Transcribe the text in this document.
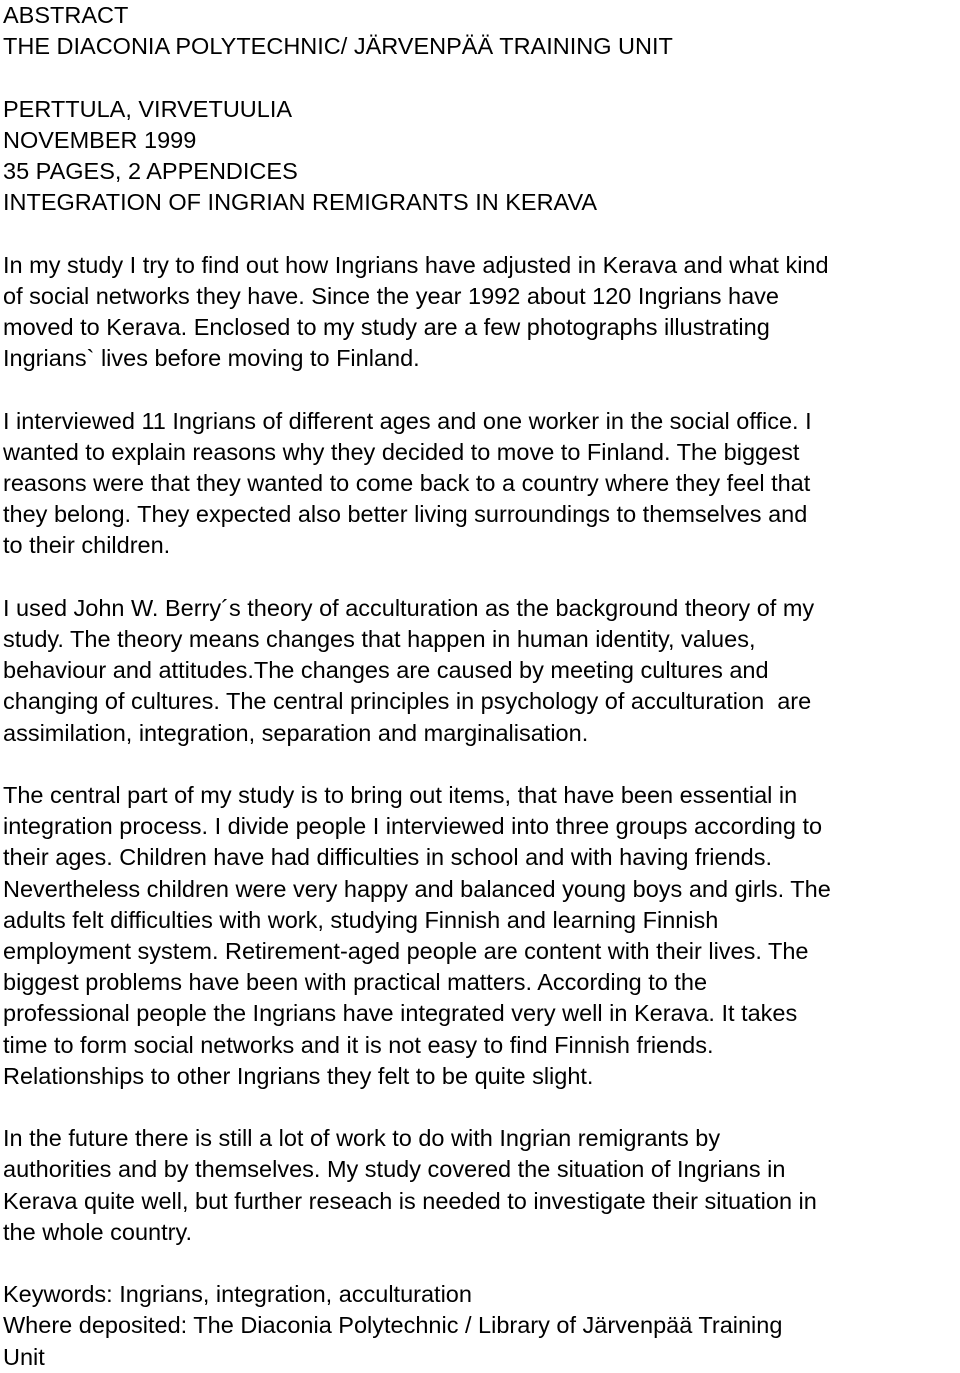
ABSTRACT
THE DIACONIA POLYTECHNIC/ JÄRVENPÄÄ TRAINING UNIT
PERTTULA, VIRVETUULIA
NOVEMBER 1999
35 PAGES, 2 APPENDICES
INTEGRATION OF INGRIAN REMIGRANTS IN KERAVA
In my study I try to find out how Ingrians have adjusted in Kerava and what kind
of social networks they have. Since the year 1992 about 120 Ingrians have
moved to Kerava. Enclosed to my study are a few photographs illustrating
Ingrians` lives before moving to Finland.
I interviewed 11 Ingrians of different ages and one worker in the social office. I
wanted to explain reasons why they decided to move to Finland. The biggest
reasons were that they wanted to come back to a country where they feel that
they belong. They expected also better living surroundings to themselves and
to their children.
I used John W. Berry´s theory of acculturation as the background theory of my
study. The theory means changes that happen in human identity, values,
behaviour and attitudes.The changes are caused by meeting cultures and
changing of cultures. The central principles in psychology of acculturation  are
assimilation, integration, separation and marginalisation.
The central part of my study is to bring out items, that have been essential in
integration process. I divide people I interviewed into three groups according to
their ages. Children have had difficulties in school and with having friends.
Nevertheless children were very happy and balanced young boys and girls. The
adults felt difficulties with work, studying Finnish and learning Finnish
employment system. Retirement-aged people are content with their lives. The
biggest problems have been with practical matters. According to the
professional people the Ingrians have integrated very well in Kerava. It takes
time to form social networks and it is not easy to find Finnish friends.
Relationships to other Ingrians they felt to be quite slight.
In the future there is still a lot of work to do with Ingrian remigrants by
authorities and by themselves. My study covered the situation of Ingrians in
Kerava quite well, but further reseach is needed to investigate their situation in
the whole country.
Keywords: Ingrians, integration, acculturation
Where deposited: The Diaconia Polytechnic / Library of Järvenpää Training
Unit
